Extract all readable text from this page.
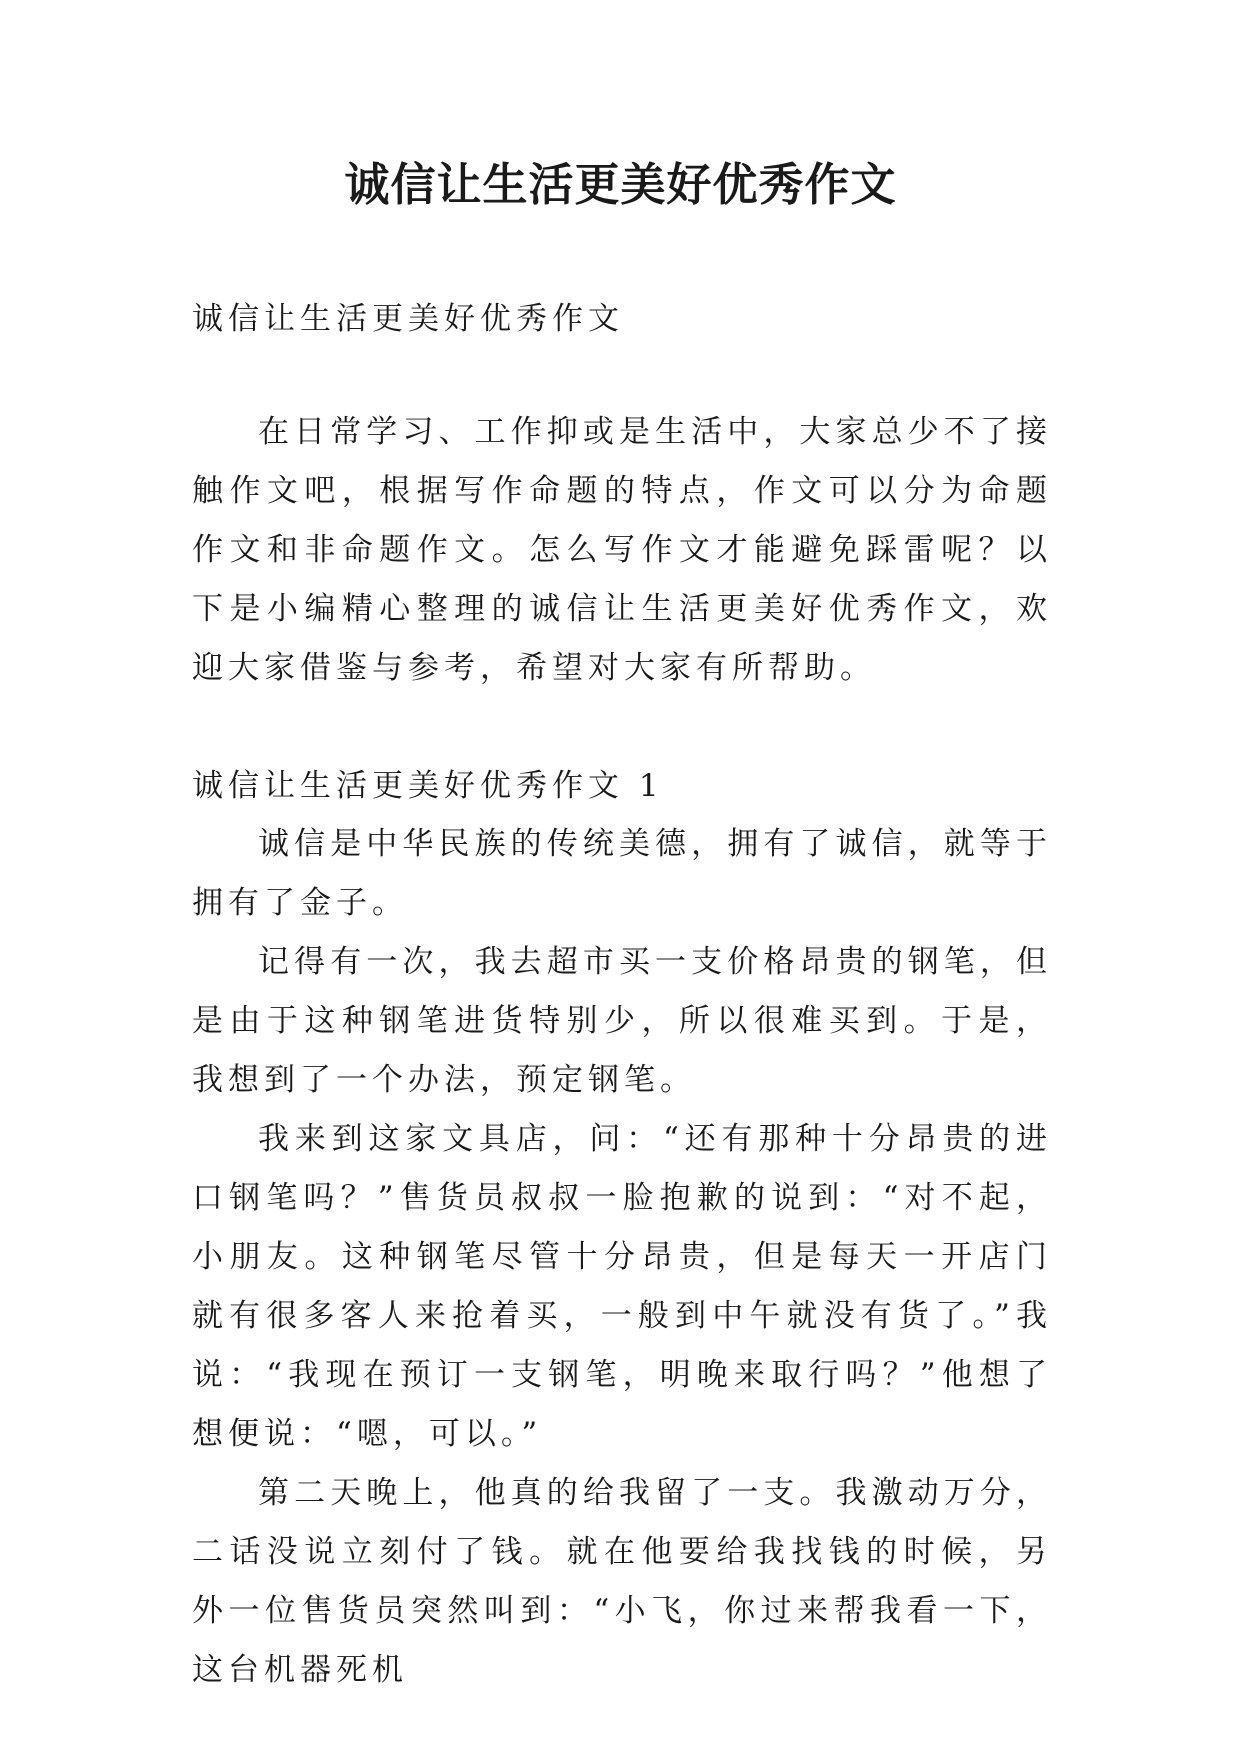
诚信让生活更美好优秀作文

诚信让生活更美好优秀作文

在日常学习、工作抑或是生活中，大家总少不了接触作文吧，根据写作命题的特点，作文可以分为命题作文和非命题作文。怎么写作文才能避免踩雷呢？以下是小编精心整理的诚信让生活更美好优秀作文，欢迎大家借鉴与参考，希望对大家有所帮助。

诚信让生活更美好优秀作文 1

诚信是中华民族的传统美德，拥有了诚信，就等于拥有了金子。

记得有一次，我去超市买一支价格昂贵的钢笔，但是由于这种钢笔进货特别少，所以很难买到。于是，我想到了一个办法，预定钢笔。

我来到这家文具店，问：“还有那种十分昂贵的进口钢笔吗？”售货员叔叔一脸抱歉的说到：“对不起，小朋友。这种钢笔尽管十分昂贵，但是每天一开店门就有很多客人来抢着买，一般到中午就没有货了。”我说：“我现在预订一支钢笔，明晚来取行吗？”他想了想便说：“嗯，可以。”

第二天晚上，他真的给我留了一支。我激动万分，二话没说立刻付了钱。就在他要给我找钱的时候，另外一位售货员突然叫到：“小飞，你过来帮我看一下，这台机器死机
